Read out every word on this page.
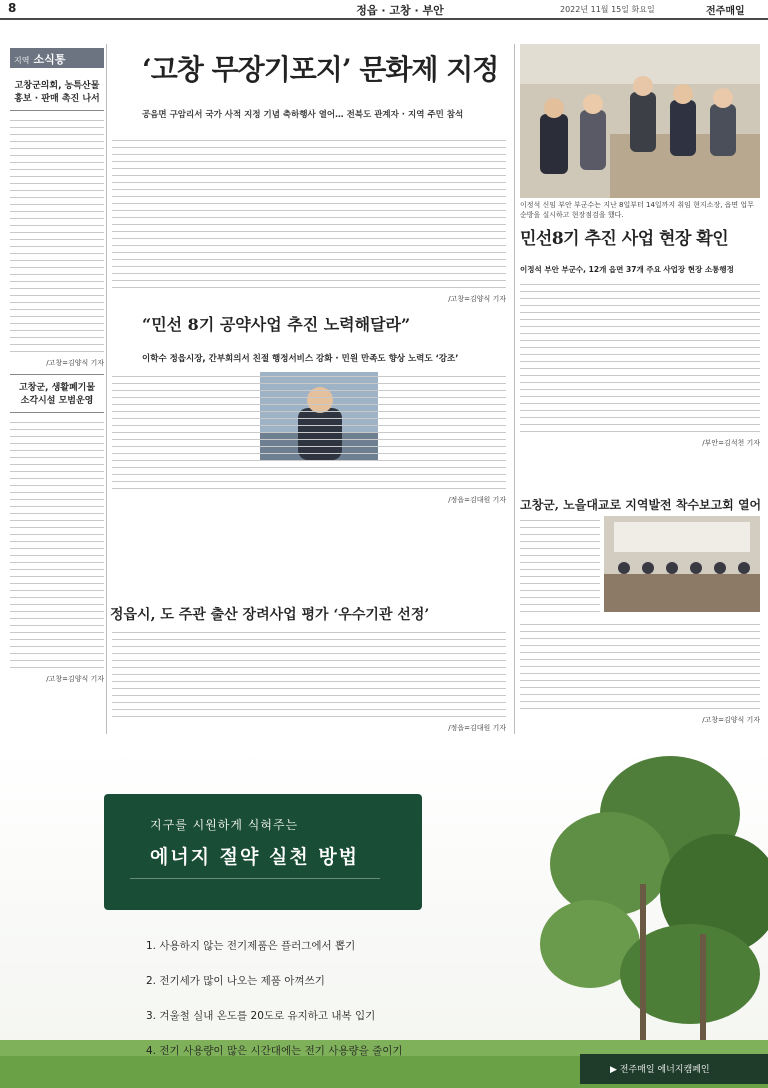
8	정읍 · 고창 · 부안	2022년 11월 15일 화요일	전주매일
지역 소식통
고창군의회, 농특산물
홍보 · 판매 촉진 나서
/고창=김양식 기자
고창군, 생활폐기물
소각시설 모범운영
/고창=김양식 기자
‘고창 무장기포지’ 문화제 지정
공음면 구암리서 국가 사적 지정 기념 축하행사 열어… 전북도 관계자 · 지역 주민 참석
/고창=김양식 기자
이정석 신임 부안 부군수는 지난 8일부터 14일까지 취임 현지소장, 읍면 업무 순방을 실시하고 현장점검을 했다.
민선8기 추진 사업 현장 확인
이정석 부안 부군수, 12개 읍면 37개 주요 사업장 현장 소통행정
/부안=김석천 기자
“민선 8기 공약사업 추진 노력해달라”
이학수 정읍시장, 간부회의서 친절 행정서비스 강화 · 민원 만족도 향상 노력도 ‘강조’
/정읍=김대원 기자 고창군, 노을대교로 지역발전 착수보고회 열어
/고창=김양식 기자
정읍시, 도 주관 출산 장려사업 평가 ‘우수기관 선정’
/정읍=김대원 기자
지구를 시원하게 식혀주는
에너지 절약 실천 방법
1. 사용하지 않는 전기제품은 플러그에서 뽑기
2. 전기세가 많이 나오는 제품 아껴쓰기
3. 겨울철 실내 온도를 20도로 유지하고 내복 입기
4. 전기 사용량이 많은 시간대에는 전기 사용량을 줄이기
▶ 전주매일 에너지캠페인
